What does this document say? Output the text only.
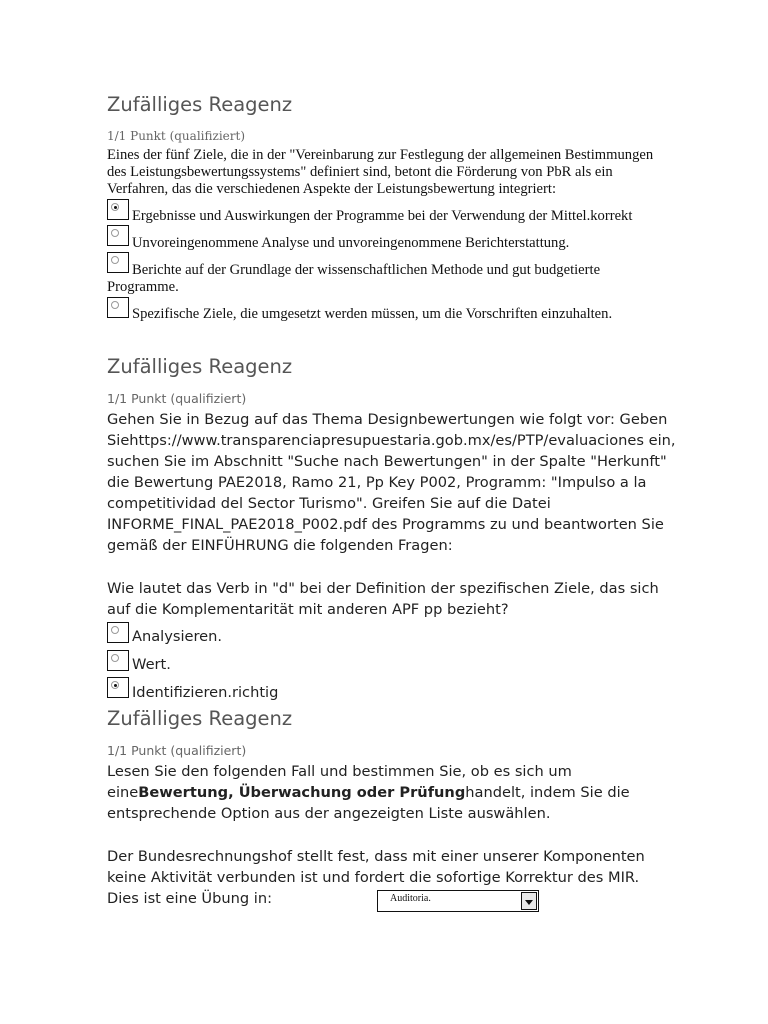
Zufälliges Reagenz
1/1 Punkt (qualifiziert)
Eines der fünf Ziele, die in der "Vereinbarung zur Festlegung der allgemeinen Bestimmungen des Leistungsbewertungssystems" definiert sind, betont die Förderung von PbR als ein Verfahren, das die verschiedenen Aspekte der Leistungsbewertung integriert:
Ergebnisse und Auswirkungen der Programme bei der Verwendung der Mittel.korrekt
Unvoreingenommene Analyse und unvoreingenommene Berichterstattung.
Berichte auf der Grundlage der wissenschaftlichen Methode und gut budgetierte
Programme.
Spezifische Ziele, die umgesetzt werden müssen, um die Vorschriften einzuhalten.
Zufälliges Reagenz
1/1 Punkt (qualifiziert)
Gehen Sie in Bezug auf das Thema Designbewertungen wie folgt vor: Geben Siehttps://www.transparenciapresupuestaria.gob.mx/es/PTP/evaluaciones ein, suchen Sie im Abschnitt "Suche nach Bewertungen" in der Spalte "Herkunft" die Bewertung PAE2018, Ramo 21, Pp Key P002, Programm: "Impulso a la competitividad del Sector Turismo". Greifen Sie auf die Datei INFORME_FINAL_PAE2018_P002.pdf des Programms zu und beantworten Sie gemäß der EINFÜHRUNG die folgenden Fragen:
Wie lautet das Verb in "d" bei der Definition der spezifischen Ziele, das sich auf die Komplementarität mit anderen APF pp bezieht?
Analysieren.
Wert.
Identifizieren.richtig
Zufälliges Reagenz
1/1 Punkt (qualifiziert)
Lesen Sie den folgenden Fall und bestimmen Sie, ob es sich um eineBewertung, Überwachung oder Prüfunghandelt, indem Sie die entsprechende Option aus der angezeigten Liste auswählen.
Der Bundesrechnungshof stellt fest, dass mit einer unserer Komponenten keine Aktivität verbunden ist und fordert die sofortige Korrektur des MIR. Dies ist eine Übung in:	Auditoria.
